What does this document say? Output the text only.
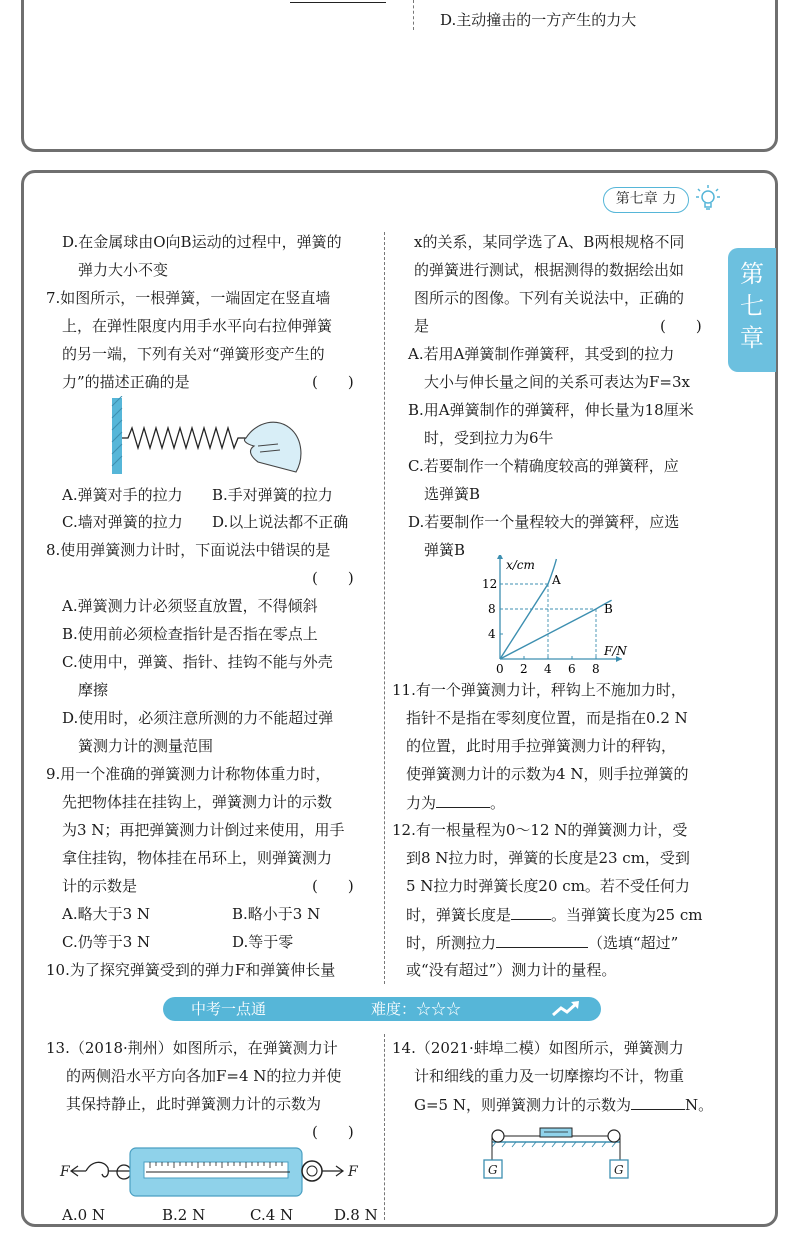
D.主动撞击的一方产生的力大
第七章 力
第
七
章
D.在金属球由O向B运动的过程中，弹簧的
弹力大小不变
7.如图所示，一根弹簧，一端固定在竖直墙
上，在弹性限度内用手水平向右拉伸弹簧
的另一端，下列有关对“弹簧形变产生的
力”的描述正确的是	(　　)
A.弹簧对手的拉力 B.手对弹簧的拉力
C.墙对弹簧的拉力 D.以上说法都不正确
8.使用弹簧测力计时，下面说法中错误的是
(　　)
A.弹簧测力计必须竖直放置，不得倾斜
B.使用前必须检查指针是否指在零点上
C.使用中，弹簧、指针、挂钩不能与外壳
摩擦
D.使用时，必须注意所测的力不能超过弹
簧测力计的测量范围
9.用一个准确的弹簧测力计称物体重力时，
先把物体挂在挂钩上，弹簧测力计的示数
为3 N；再把弹簧测力计倒过来使用，用手
拿住挂钩，物体挂在吊环上，则弹簧测力
计的示数是	(　　)
A.略大于3 N	B.略小于3 N
C.仍等于3 N	D.等于零
10.为了探究弹簧受到的弹力F和弹簧伸长量
x的关系，某同学选了A、B两根规格不同
的弹簧进行测试，根据测得的数据绘出如
图所示的图像。下列有关说法中，正确的
是	(　　)
A.若用A弹簧制作弹簧秤，其受到的拉力
大小与伸长量之间的关系可表达为F=3x
B.用A弹簧制作的弹簧秤，伸长量为18厘米
时，受到拉力为6牛
C.若要制作一个精确度较高的弹簧秤，应
选弹簧B
D.若要制作一个量程较大的弹簧秤，应选
弹簧B
x/cm
F/N
0 2 4 6 8
4
8
12	A
B
11.有一个弹簧测力计，秤钩上不施加力时，
指针不是指在零刻度位置，而是指在0.2 N
的位置，此时用手拉弹簧测力计的秤钩，
使弹簧测力计的示数为4 N，则手拉弹簧的
力为	。
12.有一根量程为0～12 N的弹簧测力计，受
到8 N拉力时，弹簧的长度是23 cm，受到
5 N拉力时弹簧长度20 cm。若不受任何力
时，弹簧长度是	。当弹簧长度为25 cm
时，所测拉力	（选填“超过”
或“没有超过”）测力计的量程。
中考一点通	难度：☆☆☆
13.（2018·荆州）如图所示，在弹簧测力计
的两侧沿水平方向各加F=4 N的拉力并使
其保持静止，此时弹簧测力计的示数为
(　　)
F	F
A.0 N	B.2 N	C.4 N	D.8 N
14.（2021·蚌埠二模）如图所示，弹簧测力
计和细线的重力及一切摩擦均不计，物重
G=5 N，则弹簧测力计的示数为	N。
G	G
